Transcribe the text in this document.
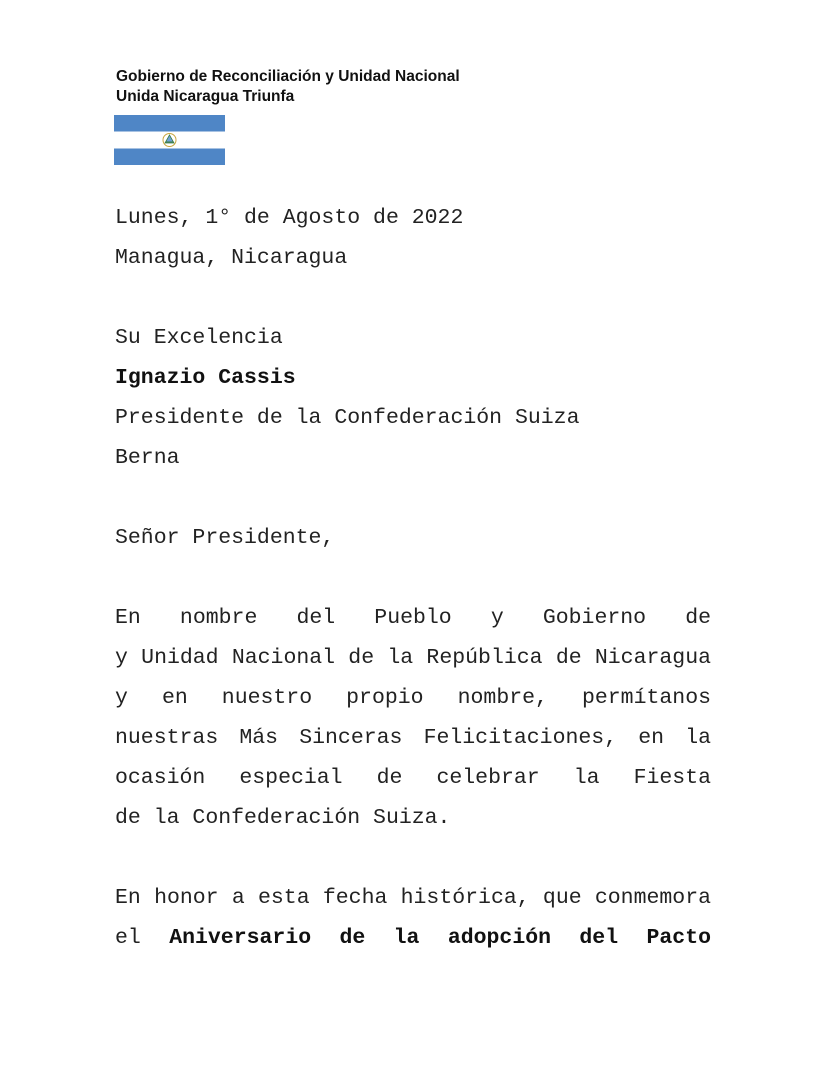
Gobierno de Reconciliación y Unidad Nacional
Unida Nicaragua Triunfa
Lunes, 1° de Agosto de 2022
Managua, Nicaragua
Su Excelencia
Ignazio Cassis
Presidente de la Confederación Suiza
Berna
Señor Presidente,
En nombre del Pueblo y Gobierno de
y Unidad Nacional de la República de Nicaragua
y en nuestro propio nombre, permítanos
nuestras Más Sinceras Felicitaciones, en la
ocasión especial de celebrar la Fiesta
de la Confederación Suiza.
En honor a esta fecha histórica, que conmemora
el Aniversario de la adopción del Pacto
